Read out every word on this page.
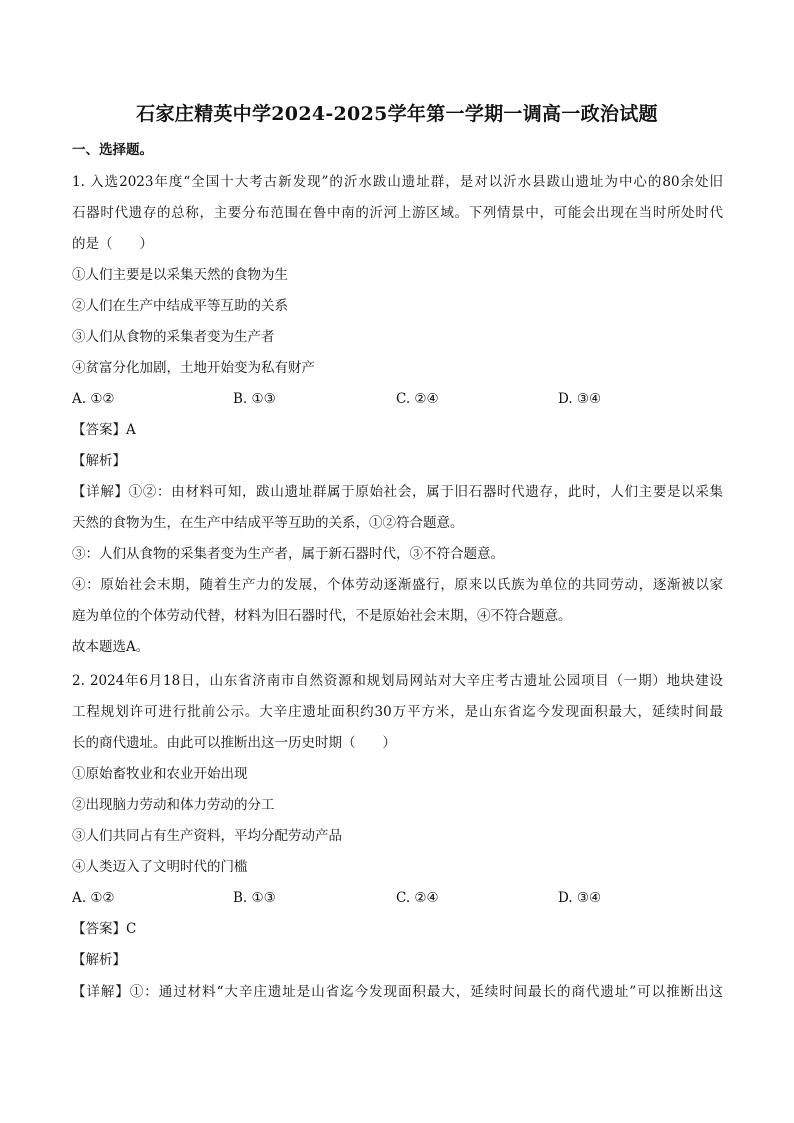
石家庄精英中学2024-2025学年第一学期一调高一政治试题
一、选择题。
1. 入选2023年度“全国十大考古新发现”的沂水跋山遗址群，是对以沂水县跋山遗址为中心的80余处旧
石器时代遗存的总称，主要分布范围在鲁中南的沂河上游区域。下列情景中，可能会出现在当时所处时代
的是（　　）
①人们主要是以采集天然的食物为生
②人们在生产中结成平等互助的关系
③人们从食物的采集者变为生产者
④贫富分化加剧，土地开始变为私有财产
A. ①②	B. ①③	C. ②④	D. ③④
【答案】A
【解析】
【详解】①②：由材料可知，跋山遗址群属于原始社会，属于旧石器时代遗存，此时，人们主要是以采集
天然的食物为生，在生产中结成平等互助的关系，①②符合题意。
③：人们从食物的采集者变为生产者，属于新石器时代，③不符合题意。
④：原始社会末期，随着生产力的发展，个体劳动逐渐盛行，原来以氏族为单位的共同劳动，逐渐被以家
庭为单位的个体劳动代替，材料为旧石器时代，不是原始社会末期，④不符合题意。
故本题选A。
2. 2024年6月18日，山东省济南市自然资源和规划局网站对大辛庄考古遗址公园项目（一期）地块建设
工程规划许可进行批前公示。大辛庄遗址面积约30万平方米，是山东省迄今发现面积最大，延续时间最
长的商代遗址。由此可以推断出这一历史时期（　　）
①原始畜牧业和农业开始出现
②出现脑力劳动和体力劳动的分工
③人们共同占有生产资料，平均分配劳动产品
④人类迈入了文明时代的门槛
A. ①②	B. ①③	C. ②④	D. ③④
【答案】C
【解析】
【详解】①：通过材料“大辛庄遗址是山省迄今发现面积最大，延续时间最长的商代遗址”可以推断出这
